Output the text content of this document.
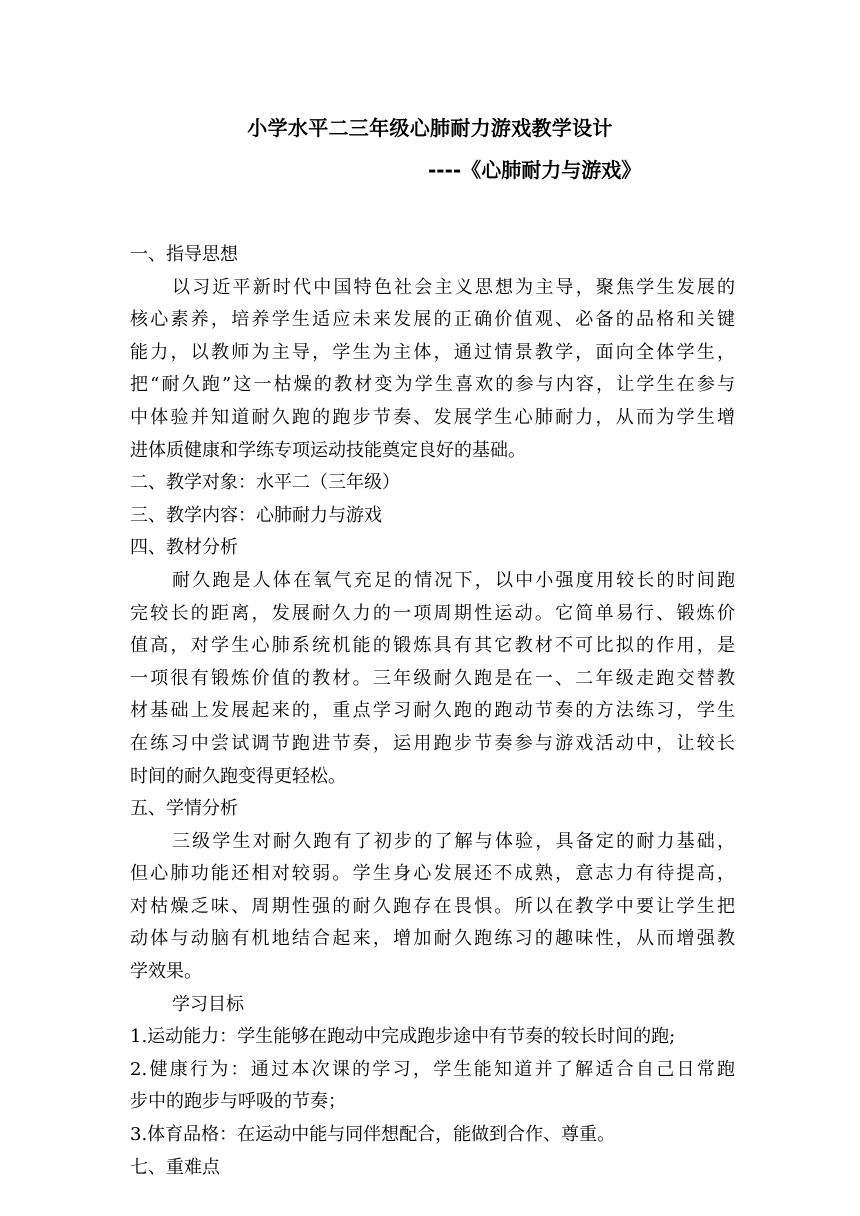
小学水平二三年级心肺耐力游戏教学设计
----《心肺耐力与游戏》
一、指导思想
以习近平新时代中国特色社会主义思想为主导，聚焦学生发展的
核心素养，培养学生适应未来发展的正确价值观、必备的品格和关键
能力，以教师为主导，学生为主体，通过情景教学，面向全体学生，
把“耐久跑”这一枯燥的教材变为学生喜欢的参与内容，让学生在参与
中体验并知道耐久跑的跑步节奏、发展学生心肺耐力，从而为学生增
进体质健康和学练专项运动技能奠定良好的基础。
二、教学对象：水平二（三年级）
三、教学内容：心肺耐力与游戏
四、教材分析
耐久跑是人体在氧气充足的情况下，以中小强度用较长的时间跑
完较长的距离，发展耐久力的一项周期性运动。它简单易行、锻炼价
值高，对学生心肺系统机能的锻炼具有其它教材不可比拟的作用，是
一项很有锻炼价值的教材。三年级耐久跑是在一、二年级走跑交替教
材基础上发展起来的，重点学习耐久跑的跑动节奏的方法练习，学生
在练习中尝试调节跑进节奏，运用跑步节奏参与游戏活动中，让较长
时间的耐久跑变得更轻松。
五、学情分析
三级学生对耐久跑有了初步的了解与体验，具备定的耐力基础，
但心肺功能还相对较弱。学生身心发展还不成熟，意志力有待提高，
对枯燥乏味、周期性强的耐久跑存在畏惧。所以在教学中要让学生把
动体与动脑有机地结合起来，增加耐久跑练习的趣味性，从而增强教
学效果。
学习目标
1.运动能力：学生能够在跑动中完成跑步途中有节奏的较长时间的跑;
2.健康行为：通过本次课的学习，学生能知道并了解适合自己日常跑
步中的跑步与呼吸的节奏；
3.体育品格：在运动中能与同伴想配合，能做到合作、尊重。
七、重难点
